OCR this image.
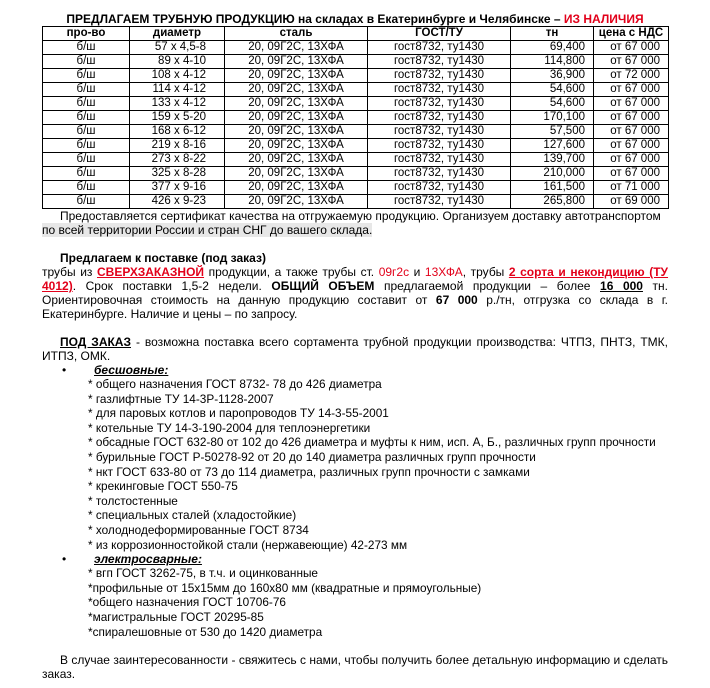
ПРЕДЛАГАЕМ ТРУБНУЮ ПРОДУКЦИЮ на складах в Екатеринбурге и Челябинске – ИЗ НАЛИЧИЯ
про-во	диаметр	сталь	ГОСТ/ТУ	тн	цена с НДС
б/ш	57 х 4,5-8	20, 09Г2С, 13ХФА	гост8732, ту1430	69,400	от 67 000
б/ш	89 х 4-10	20, 09Г2С, 13ХФА	гост8732, ту1430	114,800	от 67 000
б/ш	108 х 4-12	20, 09Г2С, 13ХФА	гост8732, ту1430	36,900	от 72 000
б/ш	114 х 4-12	20, 09Г2С, 13ХФА	гост8732, ту1430	54,600	от 67 000
б/ш	133 х 4-12	20, 09Г2С, 13ХФА	гост8732, ту1430	54,600	от 67 000
б/ш	159 х 5-20	20, 09Г2С, 13ХФА	гост8732, ту1430	170,100	от 67 000
б/ш	168 х 6-12	20, 09Г2С, 13ХФА	гост8732, ту1430	57,500	от 67 000
б/ш	219 х 8-16	20, 09Г2С, 13ХФА	гост8732, ту1430	127,600	от 67 000
б/ш	273 х 8-22	20, 09Г2С, 13ХФА	гост8732, ту1430	139,700	от 67 000
б/ш	325 х 8-28	20, 09Г2С, 13ХФА	гост8732, ту1430	210,000	от 67 000
б/ш	377 х 9-16	20, 09Г2С, 13ХФА	гост8732, ту1430	161,500	от 71 000
б/ш	426 х 9-23	20, 09Г2С, 13ХФА	гост8732, ту1430	265,800	от 69 000
Предоставляется сертификат качества на отгружаемую продукцию. Организуем доставку автотранспортом
по всей территории России и стран СНГ до вашего склада.
Предлагаем к поставке (под заказ)
трубы из СВЕРХЗАКАЗНОЙ продукции, а также трубы ст. 09г2с и 13ХФА, трубы 2 сорта и некондицию (ТУ 4012). Срок поставки 1,5-2 недели. ОБЩИЙ ОБЪЕМ предлагаемой продукции – более 16 000 тн. Ориентировочная стоимость на данную продукцию составит от 67 000 р./тн, отгрузка со склада в г. Екатеринбурге. Наличие и цены – по запросу.
ПОД ЗАКАЗ - возможна поставка всего сортамента трубной продукции производства: ЧТПЗ, ПНТЗ, ТМК, ИТПЗ, ОМК.
• бесшовные:
* общего назначения ГОСТ 8732- 78 до 426 диаметра
* газлифтные ТУ 14-3Р-1128-2007
* для паровых котлов и паропроводов ТУ 14-3-55-2001
* котельные ТУ 14-3-190-2004 для теплоэнергетики
* обсадные ГОСТ 632-80 от 102 до 426 диаметра и муфты к ним, исп. А, Б., различных групп прочности
* бурильные ГОСТ Р-50278-92 от 20 до 140 диаметра различных групп прочности
* нкт ГОСТ 633-80 от 73 до 114 диаметра, различных групп прочности с замками
* крекинговые ГОСТ 550-75
* толстостенные
* специальных сталей (хладостойкие)
* холоднодеформированные ГОСТ 8734
* из коррозионностойкой стали (нержавеющие) 42-273 мм
• электросварные:
* вгп ГОСТ 3262-75, в т.ч. и оцинкованные
*профильные от 15х15мм до 160х80 мм (квадратные и прямоугольные)
*общего назначения ГОСТ 10706-76
*магистральные ГОСТ 20295-85
*спиралешовные от 530 до 1420 диаметра
В случае заинтересованности - свяжитесь с нами, чтобы получить более детальную информацию и сделать заказ.
